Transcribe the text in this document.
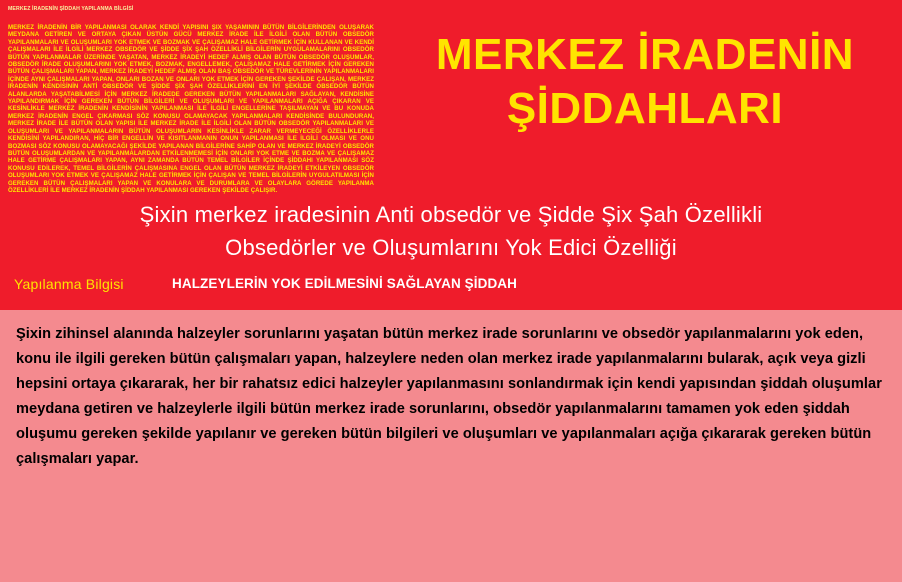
MERKEZ İRADENİN ŞİDDAH YAPILANMA BİLGİSİ
MERKEZ İRADENİN BİR YAPILANMASI OLARAK KENDİ YAPISINI ŞIX YAŞAMININ BÜTÜN BİLGİLERİNDEN OLUŞARAK MEYDANA GETİREN VE ORTAYA ÇIKAN ÜSTÜN GÜCÜ MERKEZ İRADE İLE İLGİLİ OLAN BÜTÜN OBSEDÖR YAPILANMALARI VE OLUŞUMLARI YOK ETMEK VE BOZMAK VE ÇALIŞAMAZ HALE GETİRMEK İÇİN KULLANAN VE KENDİ ÇALIŞMALARI İLE İLGİLİ MERKEZ OBSEDÖR VE ŞİDDE ŞİX ŞAH ÖZELLİKLİ BİLGİLERİN UYGULAMALARINI OBSEDÖR BÜTÜN YAPILANMALAR ÜZERİNDE YAŞATAN, MERKEZ İRADEYİ HEDEF ALMIŞ OLAN BÜTÜN OBSEDÖR OLUŞUMLAR, OBSEDÖR İRADE OLUŞUMLARINI YOK ETMEK, BOZMAK, ENGELLEMEK, ÇALIŞAMAZ HALE GETİRMEK İÇİN GEREKEN BÜTÜN ÇALIŞMALARI YAPAN, MERKEZ İRADEYİ HEDEF ALMIŞ OLAN BAŞ OBSEDÖR VE TÜREVLERİNİN YAPILANMALARI İÇİNDE AYNI ÇALIŞMALARI YAPAN, ONLARI BOZAN VE ONLARI YOK ETMEK İÇİN GEREKEN ŞEKİLDE ÇALIŞAN, MERKEZ İRADENİN KENDİSİNİN ANTİ OBSEDÖR VE ŞİDDE ŞİX ŞAH ÖZELLİKLERİNİ EN İYİ ŞEKİLDE OBSEDÖR BÜTÜN ALANLARDA YAŞATABİLMESİ İÇİN MERKEZ İRADEDE GEREKEN BÜTÜN YAPILANMALARI SAĞLAYAN, KENDİSİNE YAPILANDIRMAK İÇİN GEREKEN BÜTÜN BİLGİLERİ VE OLUŞUMLARI VE YAPILANMALARI AÇIĞA ÇIKARAN VE KESİNLİKLE MERKEZ İRADENİN KENDİSİNİN YAPILANMASI İLE İLGİLİ ENGELLERİNE TAŞILMAYAN VE BU KONUDA MERKEZ İRADENİN ENGEL ÇIKARMASI SÖZ KONUSU OLAMAYACAK YAPILANMALARI KENDİSİNDE BULUNDURAN, MERKEZ İRADE İLE BÜTÜN OLAN YAPISI İLE MERKEZ İRADE İLE İLGİLİ OLAN BÜTÜN OBSEDÖR YAPILANMALARI VE OLUŞUMLARI VE YAPILANMALARIN BÜTÜN OLUŞUMLARIN KESİNLİKLE ZARAR VERMEYECEĞİ ÖZELLİKLERLE KENDİSİNİ YAPILANDIRAN, HİÇ BİR ENGELLİN VE KISITLANMANIN ONUN YAPILANMASI İLE İLGİLİ OLMASI VE ONU BOZMASI SÖZ KONUSU OLAMAYACAĞI ŞEKİLDE YAPILANAN BİLGİLERİNE SAHİP OLAN VE MERKEZ İRADEYİ OBSEDÖR BÜTÜN OLUŞUMLARDAN VE YAPILANMALARDAN ETKİLENMEMESİ İÇİN ONLARI YOK ETME VE BOZMA VE ÇALIŞAMAZ HALE GETİRME ÇALIŞMALARI YAPAN, AYNI ZAMANDA BÜTÜN TEMEL BİLGİLER İÇİNDE ŞİDDAHI YAPILANMASI SÖZ KONUSU EDİLEREK, TEMEL BİLGİLERİN ÇALIŞMASINA ENGEL OLAN BÜTÜN MERKEZ İRADEYİ ETKİLEYEN OBSEDÖR OLUŞUMLARI YOK ETMEK VE ÇALIŞAMAZ HALE GETİRMEK İÇİN ÇALIŞAN VE TEMEL BİLGİLERİN UYGULATILMASI İÇİN GEREKEN BÜTÜN ÇALIŞMALARI YAPAN VE KONULARA VE DURUMLARA VE OLAYLARA GÖREDE YAPILANMA ÖZELLİKLERİ İLE MERKEZ İRADENİN ŞİDDAH YAPILANMASI GEREKEN ŞEKİLDE ÇALIŞIR.
MERKEZ İRADENİN ŞİDDAHLARI
Şixin merkez iradesinin Anti obsedör ve Şidde Şix Şah Özellikli
Obsedörler ve Oluşumlarını Yok Edici Özelliği
Yapılanma Bilgisi	HALZEYLERİN YOK EDİLMESİNİ SAĞLAYAN ŞİDDAH
Şixin zihinsel alanında halzeyler sorunlarını yaşatan bütün merkez irade sorunlarını ve obsedör yapılanmalarını yok eden, konu ile ilgili gereken bütün çalışmaları yapan, halzeylere neden olan merkez irade yapılanmalarını bularak, açık veya gizli hepsini ortaya çıkararak, her bir rahatsız edici halzeyler yapılanmasını sonlandırmak için kendi yapısından şiddah oluşumlar meydana getiren ve halzeylerle ilgili bütün merkez irade sorunlarını, obsedör yapılanmalarını tamamen yok eden şiddah oluşumu gereken şekilde yapılanır ve gereken bütün bilgileri ve oluşumları ve yapılanmaları açığa çıkararak gereken bütün çalışmaları yapar.
